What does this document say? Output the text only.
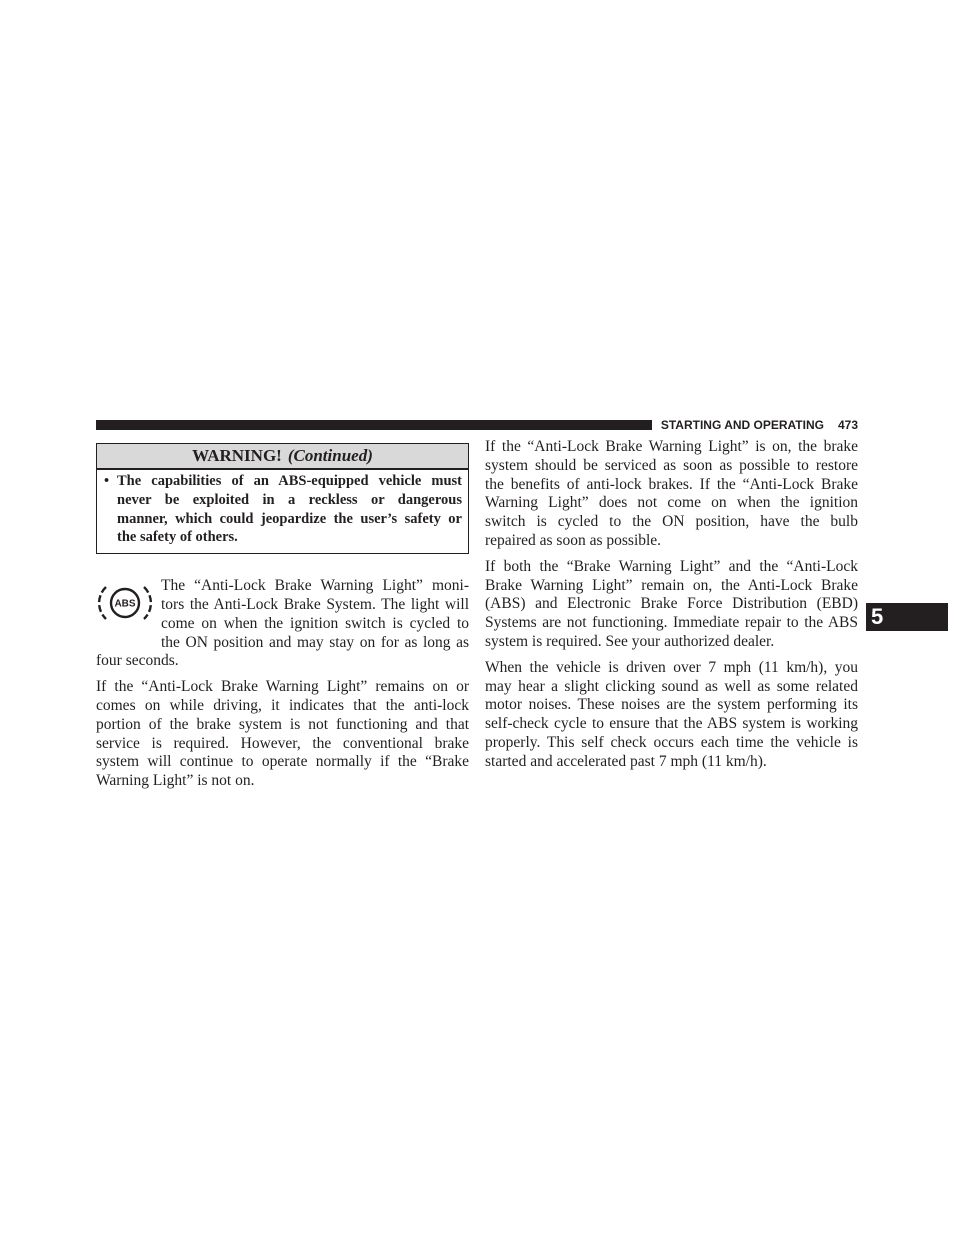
STARTING AND OPERATING 473
5
WARNING! (Continued)
• The capabilities of an ABS-equipped vehicle must
never be exploited in a reckless or dangerous
manner, which could jeopardize the user’s safety or
the safety of others.
ABS
The “Anti-Lock Brake Warning Light” moni-
tors the Anti-Lock Brake System. The light will
come on when the ignition switch is cycled to
the ON position and may stay on for as long as
four seconds.
If the “Anti-Lock Brake Warning Light” remains on or
comes on while driving, it indicates that the anti-lock
portion of the brake system is not functioning and that
service is required. However, the conventional brake
system will continue to operate normally if the “Brake
Warning Light” is not on.
If the “Anti-Lock Brake Warning Light” is on, the brake
system should be serviced as soon as possible to restore
the benefits of anti-lock brakes. If the “Anti-Lock Brake
Warning Light” does not come on when the ignition
switch is cycled to the ON position, have the bulb
repaired as soon as possible.
If both the “Brake Warning Light” and the “Anti-Lock
Brake Warning Light” remain on, the Anti-Lock Brake
(ABS) and Electronic Brake Force Distribution (EBD)
Systems are not functioning. Immediate repair to the ABS
system is required. See your authorized dealer.
When the vehicle is driven over 7 mph (11 km/h), you
may hear a slight clicking sound as well as some related
motor noises. These noises are the system performing its
self-check cycle to ensure that the ABS system is working
properly. This self check occurs each time the vehicle is
started and accelerated past 7 mph (11 km/h).
